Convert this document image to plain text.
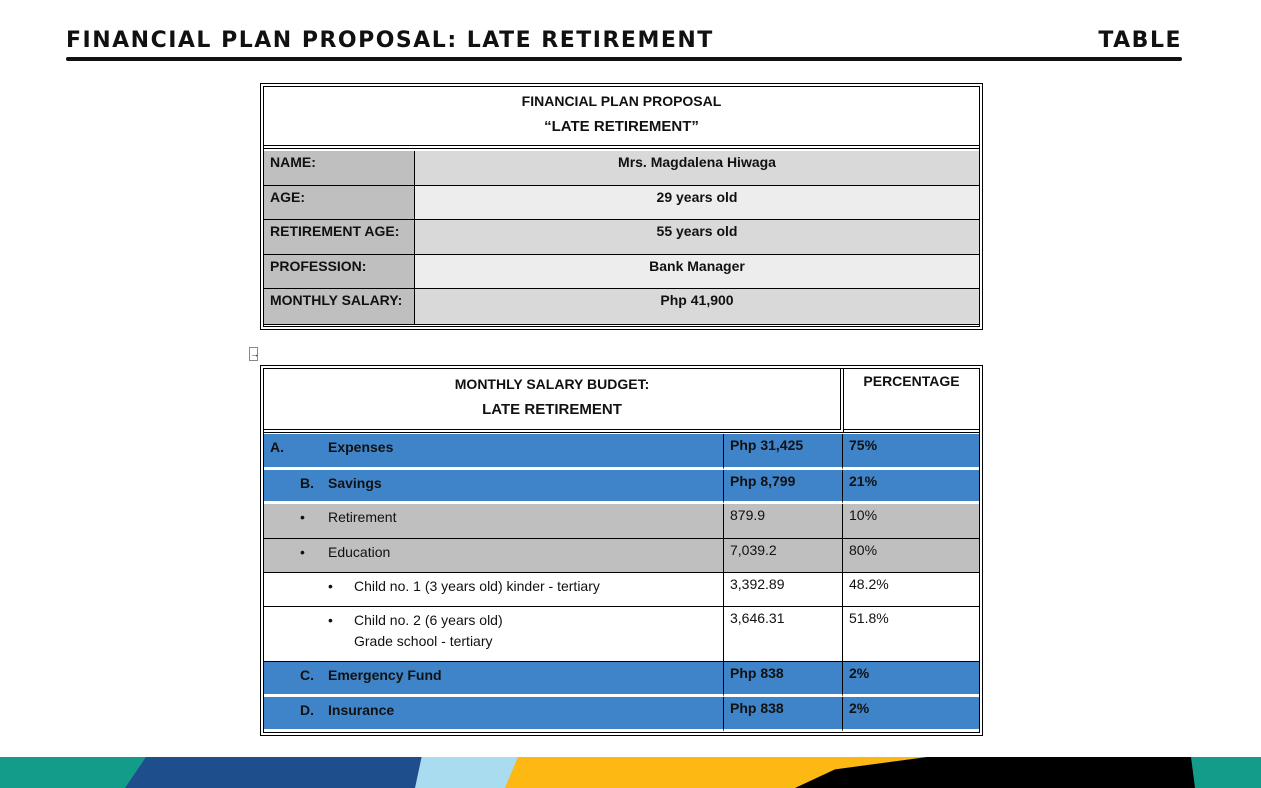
FINANCIAL PLAN PROPOSAL: LATE RETIREMENT	TABLE
FINANCIAL PLAN PROPOSAL
“LATE RETIREMENT”
NAME:	Mrs. Magdalena Hiwaga
AGE:	29 years old
RETIREMENT AGE:	55 years old
PROFESSION:	Bank Manager
MONTHLY SALARY:	Php 41,900
→
MONTHLY SALARY BUDGET:
LATE RETIREMENT
PERCENTAGE
A.	Expenses	Php 31,425	75%
B. Savings	Php 8,799	21%
• Retirement	879.9	10%
• Education	7,039.2	80%
• Child no. 1 (3 years old) kinder - tertiary	3,392.89	48.2%
• Child no. 2 (6 years old)
Grade school - tertiary
3,646.31	51.8%
C. Emergency Fund	Php 838	2%
D. Insurance	Php 838	2%
